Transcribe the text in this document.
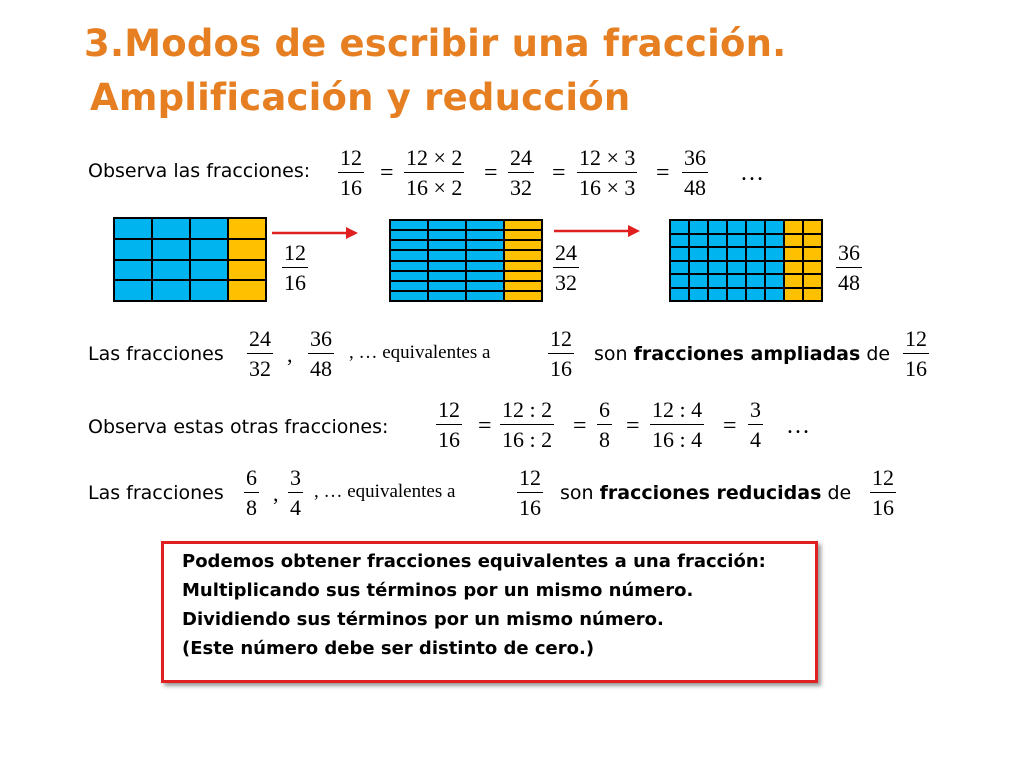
3.Modos de escribir una fracción.
Amplificación y reducción
Observa las fracciones:
12
16
=
12 × 2
16 × 2
=
24
32
=
12 × 3
16 × 3
=
36
48
…
12
16
24
32
36
48
Las fracciones
24
32
,
36
48
, … equivalentes a
12
16
son fracciones ampliadas de
12
16
Observa estas otras fracciones:
12
16
=
12 : 2
16 : 2
=
6
8
=
12 : 4
16 : 4
=
3
4
…
Las fracciones
6
8
,
3
4
, … equivalentes a
12
16
son fracciones reducidas de
12
16

Podemos obtener fracciones equivalentes a una fracción:

Multiplicando sus términos por un mismo número.

Dividiendo sus términos por un mismo número.

(Este número debe ser distinto de cero.)
